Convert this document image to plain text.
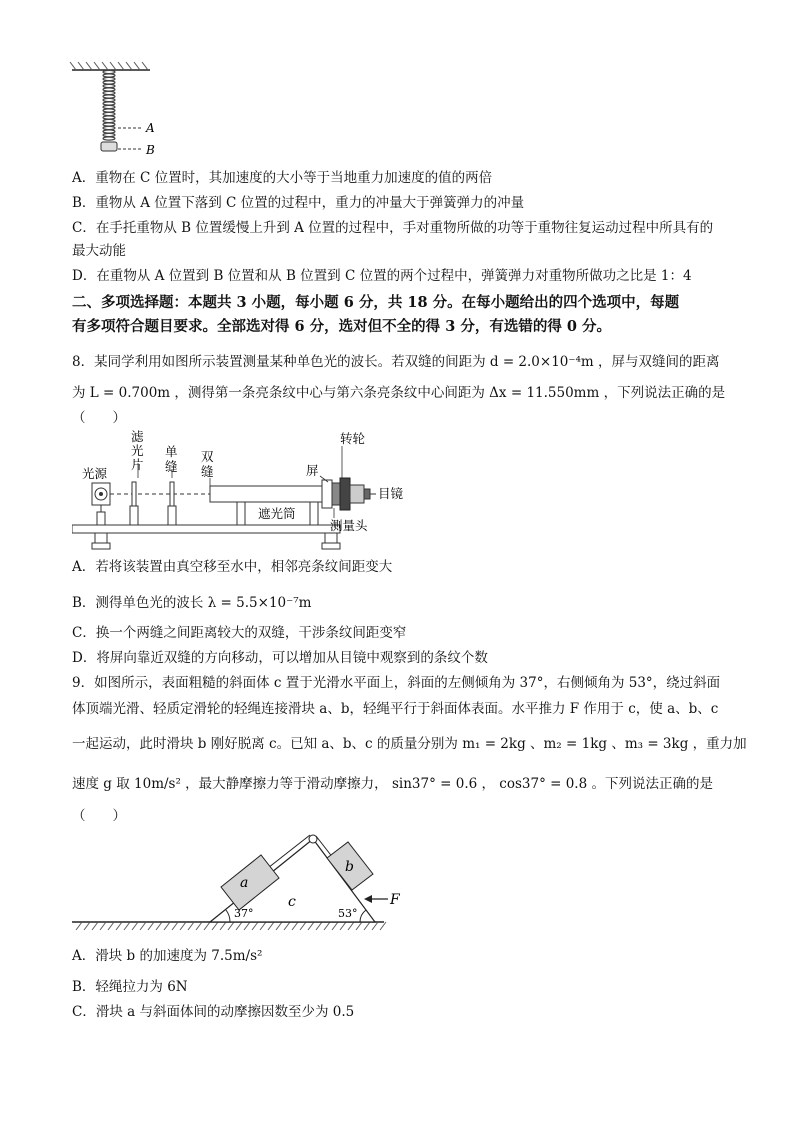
A
B
A．重物在 C 位置时，其加速度的大小等于当地重力加速度的值的两倍
B．重物从 A 位置下落到 C 位置的过程中，重力的冲量大于弹簧弹力的冲量
C．在手托重物从 B 位置缓慢上升到 A 位置的过程中，手对重物所做的功等于重物往复运动过程中所具有的
最大动能
D．在重物从 A 位置到 B 位置和从 B 位置到 C 位置的两个过程中，弹簧弹力对重物所做功之比是 1：4
二、多项选择题：本题共 3 小题，每小题 6 分，共 18 分。在每小题给出的四个选项中，每题
有多项符合题目要求。全部选对得 6 分，选对但不全的得 3 分，有选错的得 0 分。
8．某同学利用如图所示装置测量某种单色光的波长。若双缝的间距为 d = 2.0×10⁻⁴m ，屏与双缝间的距离
为 L = 0.700m ，测得第一条亮条纹中心与第六条亮条纹中心间距为 Δx = 11.550mm ，下列说法正确的是
（　　）
光源
滤
光
片
单
缝
双
缝	屏
转轮
目镜
遮光筒
测量头
A．若将该装置由真空移至水中，相邻亮条纹间距变大
B．测得单色光的波长 λ = 5.5×10⁻⁷m
C．换一个两缝之间距离较大的双缝，干涉条纹间距变窄
D．将屏向靠近双缝的方向移动，可以增加从目镜中观察到的条纹个数
9．如图所示，表面粗糙的斜面体 c 置于光滑水平面上，斜面的左侧倾角为 37°，右侧倾角为 53°，绕过斜面
体顶端光滑、轻质定滑轮的轻绳连接滑块 a、b，轻绳平行于斜面体表面。水平推力 F 作用于 c，使 a、b、c
一起运动，此时滑块 b 刚好脱离 c。已知 a、b、c 的质量分别为 m₁ = 2kg 、m₂ = 1kg 、m₃ = 3kg ，重力加
速度 g 取 10m/s² ，最大静摩擦力等于滑动摩擦力， sin37° = 0.6 ， cos37° = 0.8 。下列说法正确的是
（　　）
a
b
c	F
37°	53°
A．滑块 b 的加速度为 7.5m/s²
B．轻绳拉力为 6N
C．滑块 a 与斜面体间的动摩擦因数至少为 0.5
